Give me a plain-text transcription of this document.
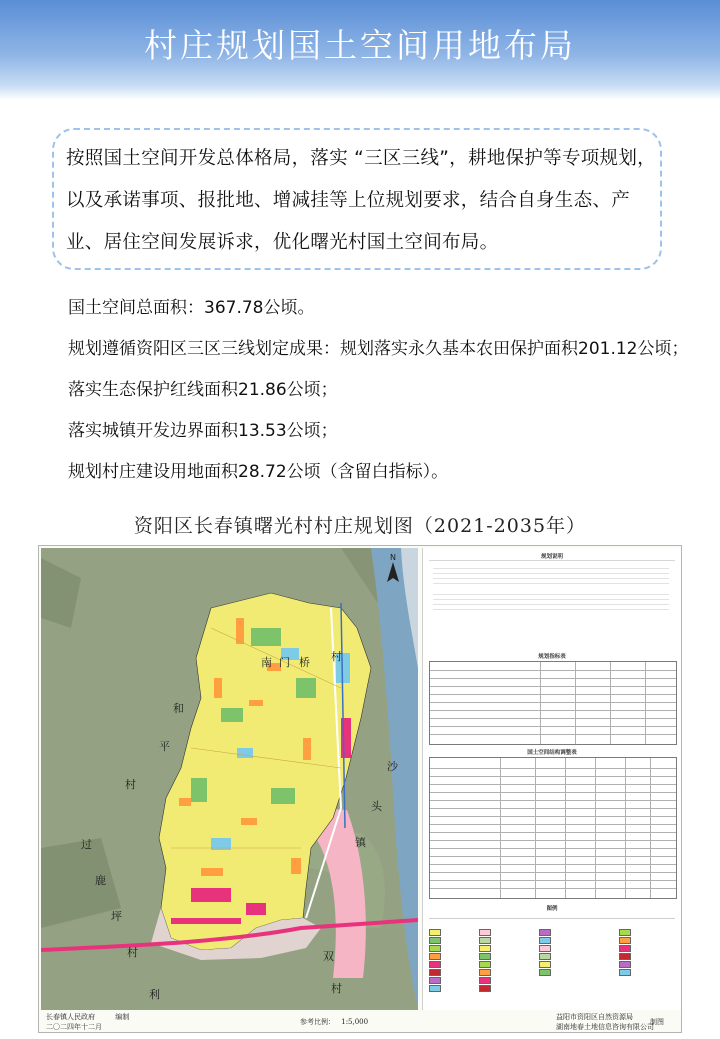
村庄规划国土空间用地布局
按照国土空间开发总体格局，落实 “三区三线”，耕地保护等专项规划，以及承诺事项、报批地、增减挂等上位规划要求，结合自身生态、产业、居住空间发展诉求，优化曙光村国土空间布局。
国土空间总面积：367.78公顷。
规划遵循资阳区三区三线划定成果：规划落实永久基本农田保护面积201.12公顷；
落实生态保护红线面积21.86公顷；
落实城镇开发边界面积13.53公顷；
规划村庄建设用地面积28.72公顷（含留白指标）。
资阳区长春镇曙光村村庄规划图（2021-2035年）
N
南 门 桥 村
和
平
村
沙
头
镇
过
鹿
坪
村
利
双
村
规划说明
规划指标表
国土空间结构调整表
图例
长春镇人民政府	编制
二〇二四年十二月
参考比例： 1:5,000
益阳市资阳区自然资源局
湖南地春土地信息咨询有限公司
制图
